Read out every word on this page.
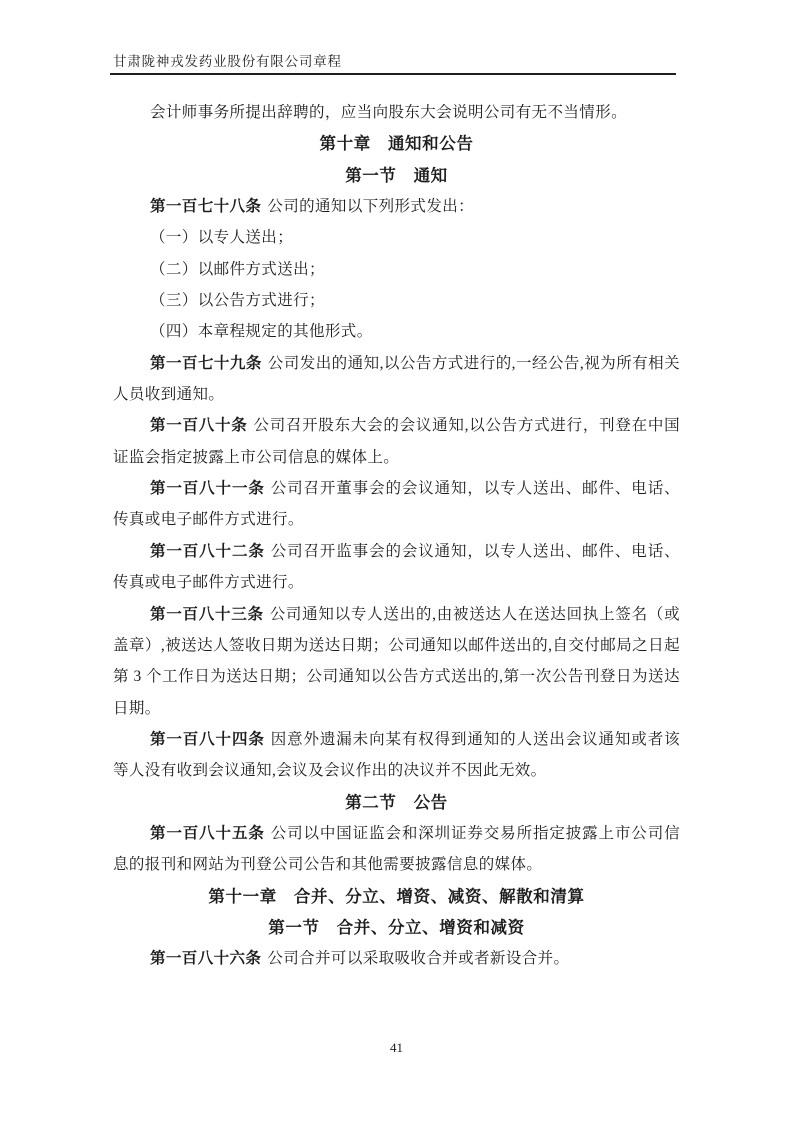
甘肃陇神戎发药业股份有限公司章程

会计师事务所提出辞聘的，应当向股东大会说明公司有无不当情形。

第十章　通知和公告

第一节　通知

第一百七十八条 公司的通知以下列形式发出：

（一）以专人送出；

（二）以邮件方式送出；

（三）以公告方式进行；

（四）本章程规定的其他形式。

第一百七十九条 公司发出的通知,以公告方式进行的,一经公告,视为所有相关人员收到通知。

第一百八十条 公司召开股东大会的会议通知,以公告方式进行，刊登在中国证监会指定披露上市公司信息的媒体上。

第一百八十一条 公司召开董事会的会议通知，以专人送出、邮件、电话、传真或电子邮件方式进行。

第一百八十二条 公司召开监事会的会议通知，以专人送出、邮件、电话、传真或电子邮件方式进行。

第一百八十三条 公司通知以专人送出的,由被送达人在送达回执上签名（或盖章）,被送达人签收日期为送达日期；公司通知以邮件送出的,自交付邮局之日起第 3 个工作日为送达日期；公司通知以公告方式送出的,第一次公告刊登日为送达日期。

第一百八十四条 因意外遗漏未向某有权得到通知的人送出会议通知或者该等人没有收到会议通知,会议及会议作出的决议并不因此无效。

第二节　公告

第一百八十五条 公司以中国证监会和深圳证券交易所指定披露上市公司信息的报刊和网站为刊登公司公告和其他需要披露信息的媒体。

第十一章　合并、分立、增资、减资、解散和清算

第一节　合并、分立、增资和减资

第一百八十六条 公司合并可以采取吸收合并或者新设合并。

41
